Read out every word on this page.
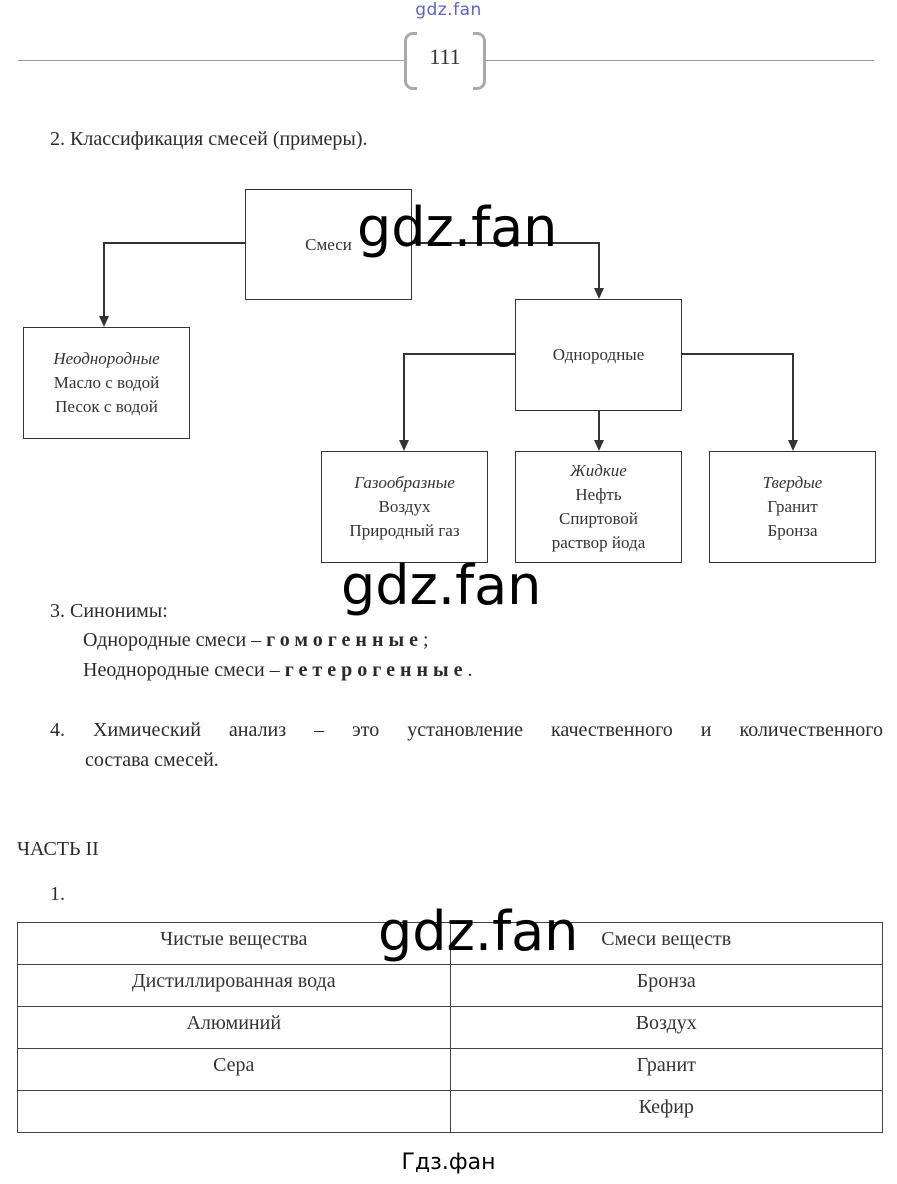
gdz.fan
111
2. Классификация смесей (примеры).
Смеси
Неоднородные
Масло с водой
Песок с водой
Однородные
Газообразные
Воздух
Природный газ
Жидкие
Нефть
Спиртовой
раствор йода
Твердые
Гранит
Бронза
3. Синонимы:
Однородные смеси – гомогенные;
Неоднородные смеси – гетерогенные.
4. Химический анализ – это установление качественного и количественного
состава смесей.
ЧАСТЬ II
1.
Чистые вещества	Смеси веществ
Дистиллированная вода	Бронза
Алюминий	Воздух
Сера	Гранит
	Кефир
gdz.fan
gdz.fan
gdz.fan
Гдз.фан
